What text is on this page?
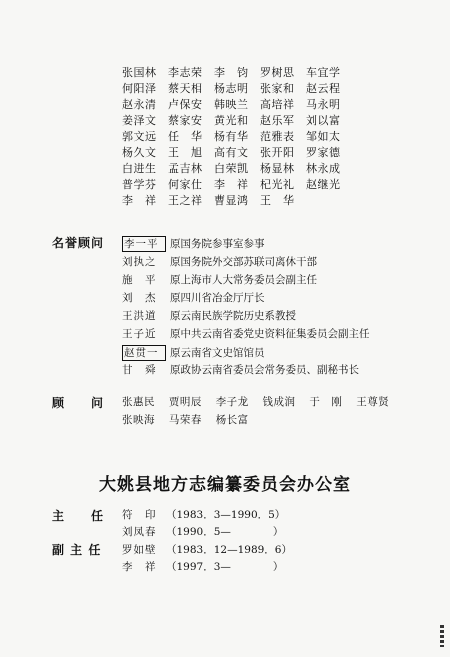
张国林	李志荣	李　钧	罗树思	车宜学
何阳泽	蔡天相	杨志明	张家和	赵云程
赵永清	卢保安	韩映兰	高培祥	马永明
姜泽文	蔡家安	黄光和	赵乐军	刘以富
郭文远	任　华	杨有华	范雅表	邹如太
杨久文	王　旭	高有文	张开阳	罗家德
白进生	孟吉林	白荣凯	杨显林	林永成
普学芬	何家仕	李　祥	杞光礼	赵继光
李　祥	王之祥	曹显鸿	王　华
名誉顾问 李一平 原国务院参事室参事
刘执之 原国务院外交部苏联司离休干部
施　平 原上海市人大常务委员会副主任
刘　杰 原四川省冶金厅厅长
王洪道 原云南民族学院历史系教授
王子近 原中共云南省委党史资料征集委员会副主任
赵贯一 原云南省文史馆馆员
甘　舜 原政协云南省委员会常务委员、副秘书长
顾　　问 张惠民 贾明辰 李子龙 钱成润 于　刚 王尊贤
张映海 马荣春 杨长富
大姚县地方志编纂委员会办公室
主　　任 符　印 （1983．3—1990．5）
刘凤春 （1990．5—　　　　）
副 主 任 罗如壁 （1983．12—1989．6）
李　祥 （1997．3—　　　　）
